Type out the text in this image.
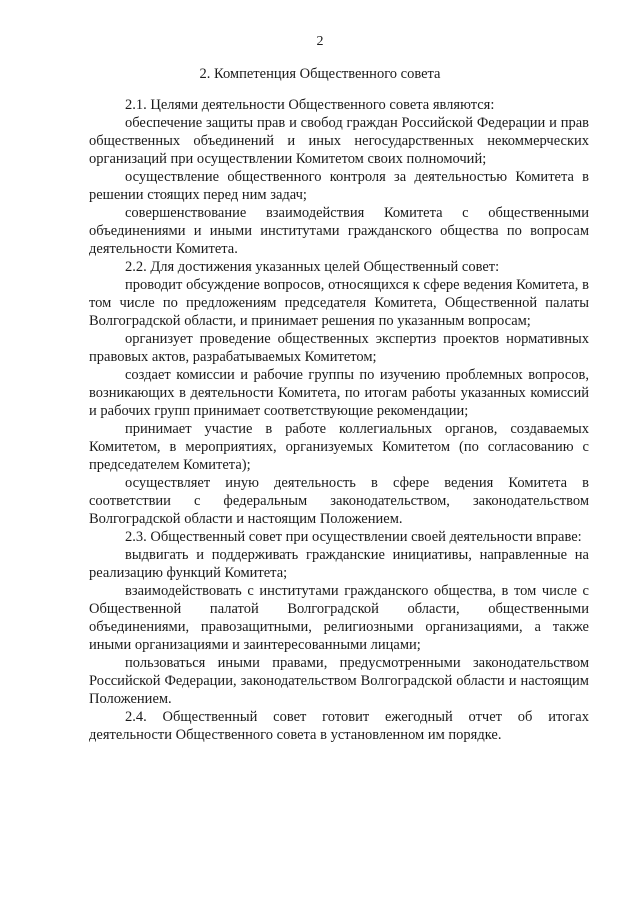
2
2. Компетенция Общественного совета

2.1. Целями деятельности Общественного совета являются:

обеспечение защиты прав и свобод граждан Российской Федерации и прав общественных объединений и иных негосударственных некоммерческих организаций при осуществлении Комитетом своих полномочий;

осуществление общественного контроля за деятельностью Комитета в решении стоящих перед ним задач;

совершенствование взаимодействия Комитета с общественными объединениями и иными институтами гражданского общества по вопросам деятельности Комитета.

2.2. Для достижения указанных целей Общественный совет:

проводит обсуждение вопросов, относящихся к сфере ведения Комитета, в том числе по предложениям председателя Комитета, Общественной палаты Волгоградской области, и принимает решения по указанным вопросам;

организует проведение общественных экспертиз проектов нормативных правовых актов, разрабатываемых Комитетом;

создает комиссии и рабочие группы по изучению проблемных вопросов, возникающих в деятельности Комитета, по итогам работы указанных комиссий и рабочих групп принимает соответствующие рекомендации;

принимает участие в работе коллегиальных органов, создаваемых Комитетом, в мероприятиях, организуемых Комитетом (по согласованию с председателем Комитета);

осуществляет иную деятельность в сфере ведения Комитета в соответствии с федеральным законодательством, законодательством Волгоградской области и настоящим Положением.

2.3. Общественный совет при осуществлении своей деятельности вправе:

выдвигать и поддерживать гражданские инициативы, направленные на реализацию функций Комитета;

взаимодействовать с институтами гражданского общества, в том числе с Общественной палатой Волгоградской области, общественными объединениями, правозащитными, религиозными организациями, а также иными организациями и заинтересованными лицами;

пользоваться иными правами, предусмотренными законодательством Российской Федерации, законодательством Волгоградской области и настоящим Положением.

2.4. Общественный совет готовит ежегодный отчет об итогах деятельности Общественного совета в установленном им порядке.
